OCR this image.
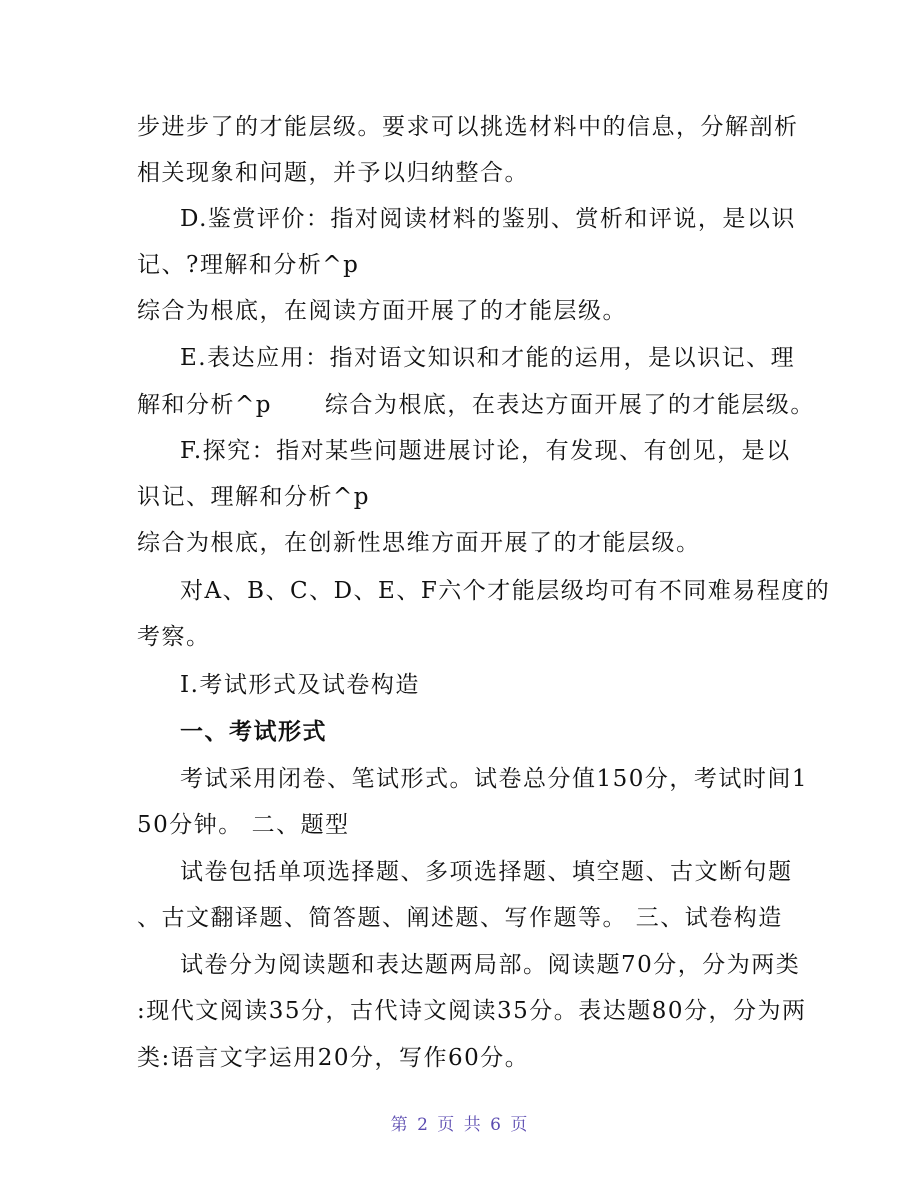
步进步了的才能层级。要求可以挑选材料中的信息，分解剖析
相关现象和问题，并予以归纳整合。
D.鉴赏评价：指对阅读材料的鉴别、赏析和评说，是以识
记、?理解和分析^p
综合为根底，在阅读方面开展了的才能层级。
E.表达应用：指对语文知识和才能的运用，是以识记、理
解和分析^p      综合为根底，在表达方面开展了的才能层级。
F.探究：指对某些问题进展讨论，有发现、有创见，是以
识记、理解和分析^p
综合为根底，在创新性思维方面开展了的才能层级。
对A、B、C、D、E、F六个才能层级均可有不同难易程度的
考察。
Ⅰ.考试形式及试卷构造
一、考试形式
考试采用闭卷、笔试形式。试卷总分值150分，考试时间1
50分钟。 二、题型
试卷包括单项选择题、多项选择题、填空题、古文断句题
、古文翻译题、简答题、阐述题、写作题等。 三、试卷构造
试卷分为阅读题和表达题两局部。阅读题70分，分为两类
:现代文阅读35分，古代诗文阅读35分。表达题80分，分为两
类:语言文字运用20分，写作60分。
第 2 页 共 6 页
